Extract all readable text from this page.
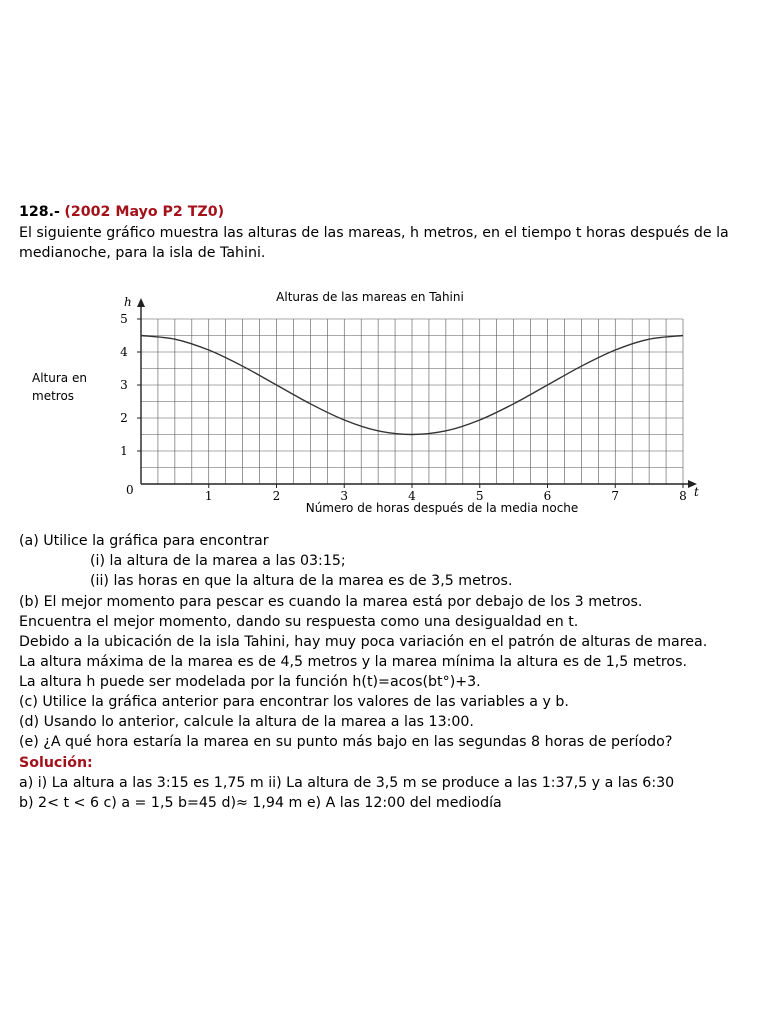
128.- (2002 Mayo P2 TZ0)
El siguiente gráfico muestra las alturas de las mareas, h metros, en el tiempo t horas después de la
medianoche, para la isla de Tahini.
1	2	3	4	5	6	7	8
1
2
3
4
5
Alturas de las mareas en Tahini
Altura en
metros
Número de horas después de la media noche
h
t
0
(a) Utilice la gráfica para encontrar
(i) la altura de la marea a las 03:15;
(ii) las horas en que la altura de la marea es de 3,5 metros.
(b) El mejor momento para pescar es cuando la marea está por debajo de los 3 metros.
Encuentra el mejor momento, dando su respuesta como una desigualdad en t.
Debido a la ubicación de la isla Tahini, hay muy poca variación en el patrón de alturas de marea.
La altura máxima de la marea es de 4,5 metros y la marea mínima la altura es de 1,5 metros.
La altura h puede ser modelada por la función h(t)=acos(bt°)+3.
(c) Utilice la gráfica anterior para encontrar los valores de las variables a y b.
(d) Usando lo anterior, calcule la altura de la marea a las 13:00.
(e) ¿A qué hora estaría la marea en su punto más bajo en las segundas 8 horas de período?
Solución:
a) i) La altura a las 3:15 es 1,75 m ii) La altura de 3,5 m se produce a las 1:37,5 y a las 6:30
b) 2< t < 6 c) a = 1,5 b=45 d)≈ 1,94 m e) A las 12:00 del mediodía
